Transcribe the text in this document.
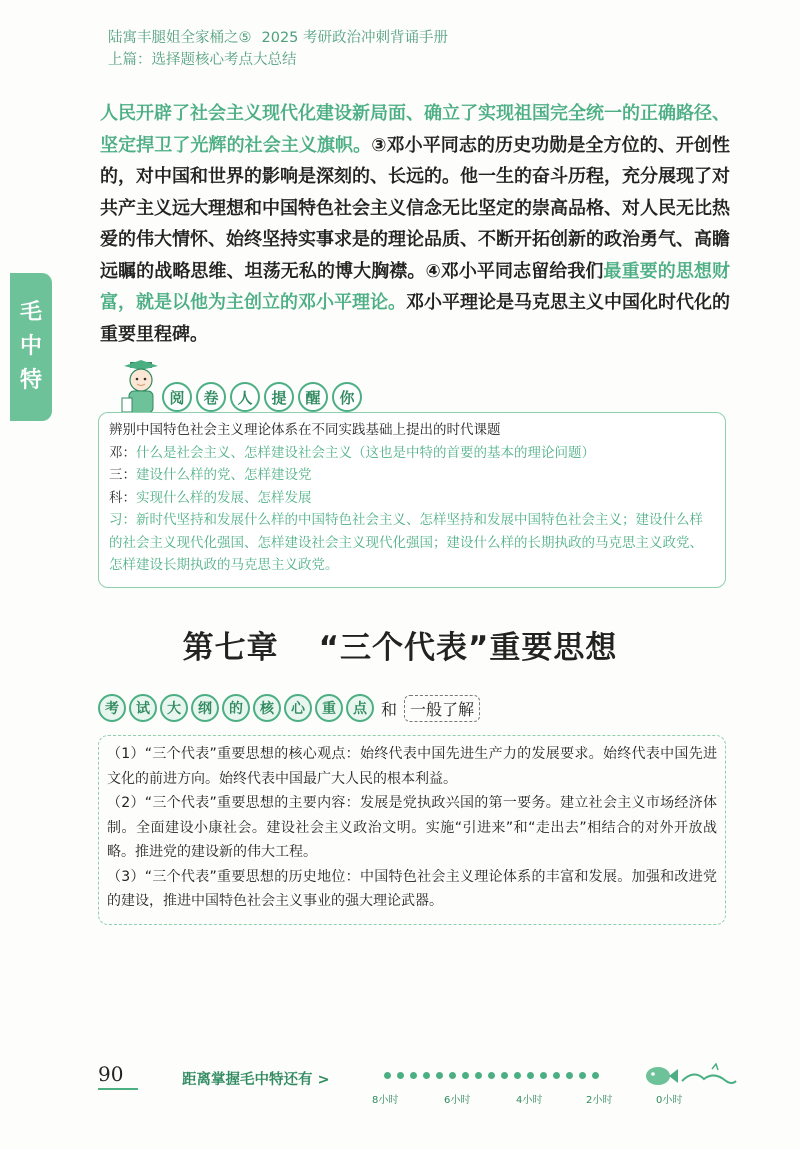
陆寓丰腿姐全家桶之⑤ 2025 考研政治冲刺背诵手册
上篇：选择题核心考点大总结
毛
中
特
人民开辟了社会主义现代化建设新局面、确立了实现祖国完全统一的正确路径、坚定捍卫了光辉的社会主义旗帜。③邓小平同志的历史功勋是全方位的、开创性的，对中国和世界的影响是深刻的、长远的。他一生的奋斗历程，充分展现了对共产主义远大理想和中国特色社会主义信念无比坚定的崇高品格、对人民无比热爱的伟大情怀、始终坚持实事求是的理论品质、不断开拓创新的政治勇气、高瞻远瞩的战略思维、坦荡无私的博大胸襟。④邓小平同志留给我们最重要的思想财富，就是以他为主创立的邓小平理论。邓小平理论是马克思主义中国化时代化的重要里程碑。
阅	卷	人	提	醒	你
辨别中国特色社会主义理论体系在不同实践基础上提出的时代课题
邓：什么是社会主义、怎样建设社会主义（这也是中特的首要的基本的理论问题）
三：建设什么样的党、怎样建设党
科：实现什么样的发展、怎样发展
习：新时代坚持和发展什么样的中国特色社会主义、怎样坚持和发展中国特色社会主义；建设什么样的社会主义现代化强国、怎样建设社会主义现代化强国；建设什么样的长期执政的马克思主义政党、怎样建设长期执政的马克思主义政党。
第七章 “三个代表”重要思想
考	试	大	纲	的	核	心	重	点 和 一般了解
（1）“三个代表”重要思想的核心观点：始终代表中国先进生产力的发展要求。始终代表中国先进文化的前进方向。始终代表中国最广大人民的根本利益。
（2）“三个代表”重要思想的主要内容：发展是党执政兴国的第一要务。建立社会主义市场经济体制。全面建设小康社会。建设社会主义政治文明。实施“引进来”和“走出去”相结合的对外开放战略。推进党的建设新的伟大工程。
（3）“三个代表”重要思想的历史地位：中国特色社会主义理论体系的丰富和发展。加强和改进党的建设，推进中国特色社会主义事业的强大理论武器。
90	距离掌握毛中特还有 >
8小时	6小时	4小时	2小时	0小时
